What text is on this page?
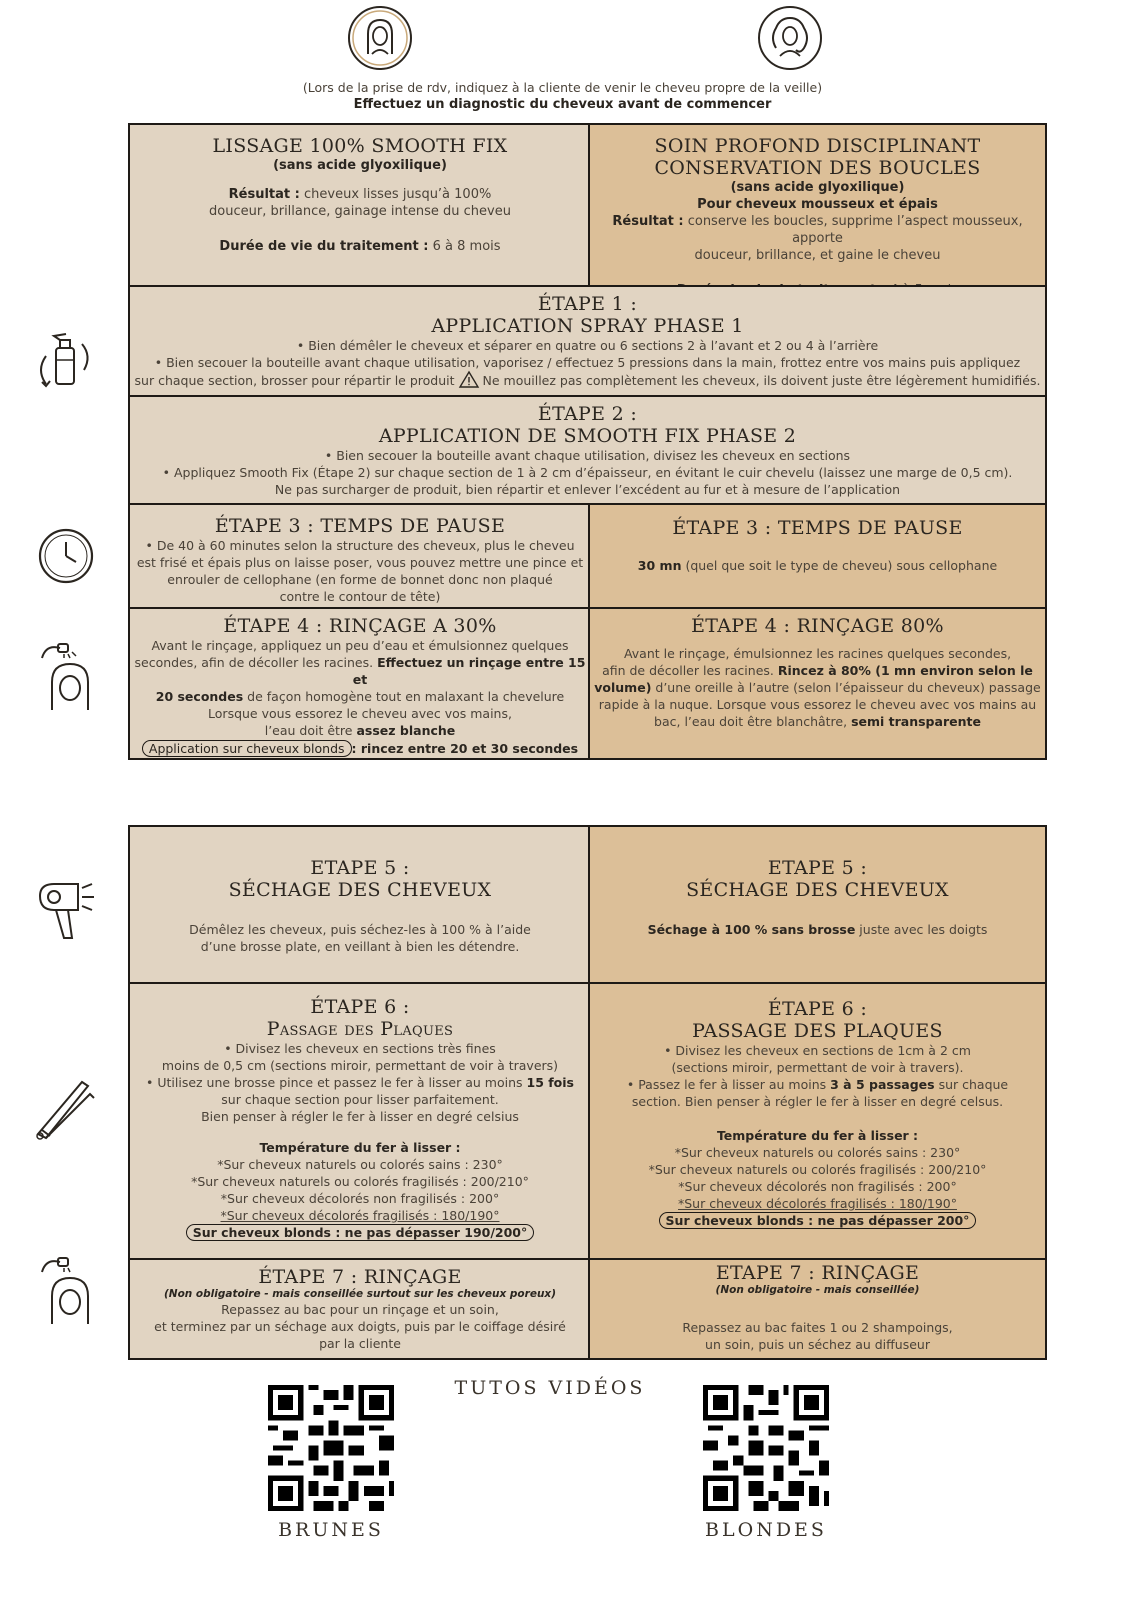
(Lors de la prise de rdv, indiquez à la cliente de venir le cheveu propre de la veille)
Effectuez un diagnostic du cheveux avant de commencer

LISSAGE 100% SMOOTH FIX

(sans acide glyoxilique)

Résultat : cheveux lisses jusqu’à 100%

douceur, brillance, gainage intense du cheveu

Durée de vie du traitement : 6 à 8 mois

SOIN PROFOND DISCIPLINANT

CONSERVATION DES BOUCLES

(sans acide glyoxilique)

Pour cheveux mousseux et épais

Résultat : conserve les boucles, supprime l’aspect mousseux, apporte

douceur, brillance, et gaine le cheveu

ÉTAPE 1 :

APPLICATION SPRAY PHASE 1

• Bien démêler le cheveux et séparer en quatre ou 6 sections 2 à l’avant et 2 ou 4 à l’arrière

• Bien secouer la bouteille avant chaque utilisation, vaporisez / effectuez 5 pressions dans la main, frottez entre vos mains puis appliquez

sur chaque section, brosser pour répartir le produit Ne mouillez pas complètement les cheveux, ils doivent juste être légèrement humidifiés.

ÉTAPE 2 :

APPLICATION DE SMOOTH FIX PHASE 2

• Bien secouer la bouteille avant chaque utilisation, divisez les cheveux en sections

• Appliquez Smooth Fix (Étape 2) sur chaque section de 1 à 2 cm d’épaisseur, en évitant le cuir chevelu (laissez une marge de 0,5 cm).

Ne pas surcharger de produit, bien répartir et enlever l’excédent au fur et à mesure de l’application

ÉTAPE 3 : TEMPS DE PAUSE

• De 40 à 60 minutes selon la structure des cheveux, plus le cheveu

est frisé et épais plus on laisse poser, vous pouvez mettre une pince et

enrouler de cellophane (en forme de bonnet donc non plaqué

contre le contour de tête)

ÉTAPE 3 : TEMPS DE PAUSE

30 mn (quel que soit le type de cheveu) sous cellophane

ÉTAPE 4 : RINÇAGE A 30%

Avant le rinçage, appliquez un peu d’eau et émulsionnez quelques

secondes, afin de décoller les racines. Effectuez un rinçage entre 15 et

20 secondes de façon homogène tout en malaxant la chevelure

Lorsque vous essorez le cheveu avec vos mains,

l’eau doit être assez blanche

Application sur cheveux blonds : rincez entre 20 et 30 secondes

ÉTAPE 4 : RINÇAGE 80%

Avant le rinçage, émulsionnez les racines quelques secondes,

afin de décoller les racines. Rincez à 80% (1 mn environ selon le

volume) d’une oreille à l’autre (selon l’épaisseur du cheveux) passage

rapide à la nuque. Lorsque vous essorez le cheveu avec vos mains au

bac, l’eau doit être blanchâtre, semi transparente

ETAPE 5 :

SÉCHAGE DES CHEVEUX

Démêlez les cheveux, puis séchez-les à 100 % à l’aide

d’une brosse plate, en veillant à bien les détendre.

ETAPE 5 :

SÉCHAGE DES CHEVEUX

Séchage à 100 % sans brosse juste avec les doigts

ÉTAPE 6 :

Passage des Plaques

• Divisez les cheveux en sections très fines

moins de 0,5 cm (sections miroir, permettant de voir à travers)

• Utilisez une brosse pince et passez le fer à lisser au moins 15 fois

sur chaque section pour lisser parfaitement.

Bien penser à régler le fer à lisser en degré celsius

Température du fer à lisser :

*Sur cheveux naturels ou colorés sains : 230°

*Sur cheveux naturels ou colorés fragilisés : 200/210°

*Sur cheveux décolorés non fragilisés : 200°

*Sur cheveux décolorés fragilisés : 180/190°

Sur cheveux blonds : ne pas dépasser 190/200°

ÉTAPE 6 :

PASSAGE DES PLAQUES

• Divisez les cheveux en sections de 1cm à 2 cm

(sections miroir, permettant de voir à travers).

• Passez le fer à lisser au moins 3 à 5 passages sur chaque

section. Bien penser à régler le fer à lisser en degré celsus.

Température du fer à lisser :

*Sur cheveux naturels ou colorés sains : 230°

*Sur cheveux naturels ou colorés fragilisés : 200/210°

*Sur cheveux décolorés non fragilisés : 200°

*Sur cheveux décolorés fragilisés : 180/190°

Sur cheveux blonds : ne pas dépasser 200°

ÉTAPE 7 : RINÇAGE

(Non obligatoire - mais conseillée surtout sur les cheveux poreux)

Repassez au bac pour un rinçage et un soin,

et terminez par un séchage aux doigts, puis par le coiffage désiré

par la cliente

ETAPE 7 : RINÇAGE

(Non obligatoire - mais conseillée)

Repassez au bac faites 1 ou 2 shampoings,

un soin, puis un séchez au diffuseur

TUTOS VIDÉOS
BRUNES	BLONDES
